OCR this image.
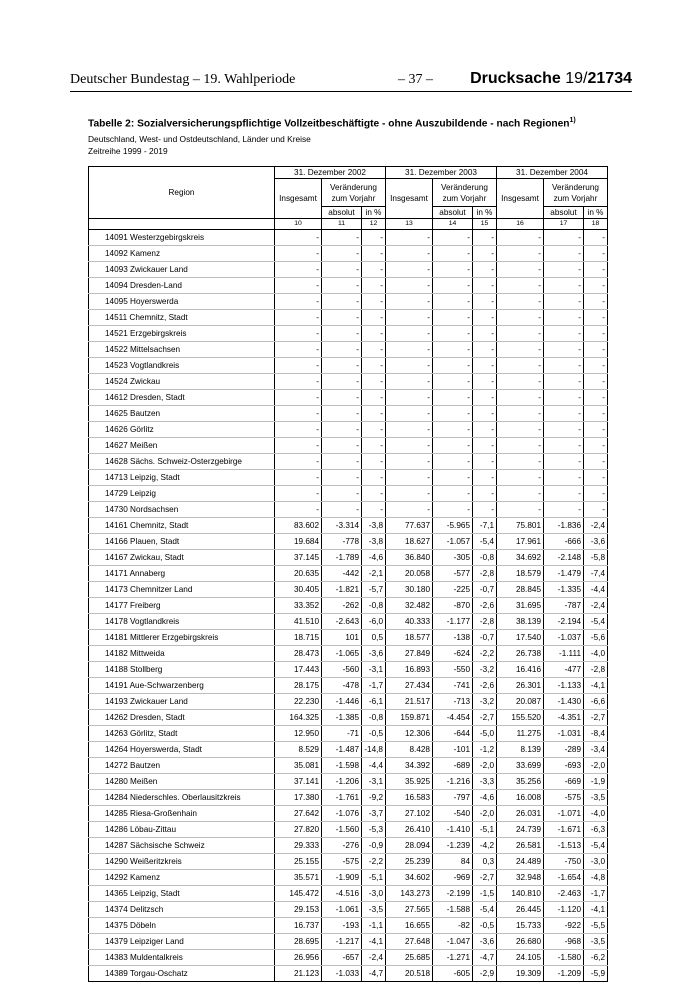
Deutscher Bundestag – 19. Wahlperiode	– 37 – Drucksache 19/21734
Tabelle 2: Sozialversicherungspflichtige Vollzeitbeschäftigte - ohne Auszubildende - nach Regionen$^{1)}$
Deutschland, West- und Ostdeutschland, Länder und Kreise
Zeitreihe 1999 - 2019
Region	31. Dezember 2002			31. Dezember 2003			31. Dezember 2004		
	Insgesamt	Veränderung zum Vorjahr		Insgesamt	Veränderung zum Vorjahr		Insgesamt	Veränderung zum Vorjahr	
		absolut	in %		absolut	in %		absolut	in %
	10	11	12	13	14	15	16	17	18
14091 Westerzgebirgskreis	-	-	-	-	-	-	-	-	-
14092 Kamenz	-	-	-	-	-	-	-	-	-
14093 Zwickauer Land	-	-	-	-	-	-	-	-	-
14094 Dresden-Land	-	-	-	-	-	-	-	-	-
14095 Hoyerswerda	-	-	-	-	-	-	-	-	-
14511 Chemnitz, Stadt	-	-	-	-	-	-	-	-	-
14521 Erzgebirgskreis	-	-	-	-	-	-	-	-	-
14522 Mittelsachsen	-	-	-	-	-	-	-	-	-
14523 Vogtlandkreis	-	-	-	-	-	-	-	-	-
14524 Zwickau	-	-	-	-	-	-	-	-	-
14612 Dresden, Stadt	-	-	-	-	-	-	-	-	-
14625 Bautzen	-	-	-	-	-	-	-	-	-
14626 Görlitz	-	-	-	-	-	-	-	-	-
14627 Meißen	-	-	-	-	-	-	-	-	-
14628 Sächs. Schweiz-Osterzgebirge	-	-	-	-	-	-	-	-	-
14713 Leipzig, Stadt	-	-	-	-	-	-	-	-	-
14729 Leipzig	-	-	-	-	-	-	-	-	-
14730 Nordsachsen	-	-	-	-	-	-	-	-	-
14161 Chemnitz, Stadt	83.602	-3.314	-3,8	77.637	-5.965	-7,1	75.801	-1.836	-2,4
14166 Plauen, Stadt	19.684	-778	-3,8	18.627	-1.057	-5,4	17.961	-666	-3,6
14167 Zwickau, Stadt	37.145	-1.789	-4,6	36.840	-305	-0,8	34.692	-2.148	-5,8
14171 Annaberg	20.635	-442	-2,1	20.058	-577	-2,8	18.579	-1.479	-7,4
14173 Chemnitzer Land	30.405	-1.821	-5,7	30.180	-225	-0,7	28.845	-1.335	-4,4
14177 Freiberg	33.352	-262	-0,8	32.482	-870	-2,6	31.695	-787	-2,4
14178 Vogtlandkreis	41.510	-2.643	-6,0	40.333	-1.177	-2,8	38.139	-2.194	-5,4
14181 Mittlerer Erzgebirgskreis	18.715	101	0,5	18.577	-138	-0,7	17.540	-1.037	-5,6
14182 Mittweida	28.473	-1.065	-3,6	27.849	-624	-2,2	26.738	-1.111	-4,0
14188 Stollberg	17.443	-560	-3,1	16.893	-550	-3,2	16.416	-477	-2,8
14191 Aue-Schwarzenberg	28.175	-478	-1,7	27.434	-741	-2,6	26.301	-1.133	-4,1
14193 Zwickauer Land	22.230	-1.446	-6,1	21.517	-713	-3,2	20.087	-1.430	-6,6
14262 Dresden, Stadt	164.325	-1.385	-0,8	159.871	-4.454	-2,7	155.520	-4.351	-2,7
14263 Görlitz, Stadt	12.950	-71	-0,5	12.306	-644	-5,0	11.275	-1.031	-8,4
14264 Hoyerswerda, Stadt	8.529	-1.487	-14,8	8.428	-101	-1,2	8.139	-289	-3,4
14272 Bautzen	35.081	-1.598	-4,4	34.392	-689	-2,0	33.699	-693	-2,0
14280 Meißen	37.141	-1.206	-3,1	35.925	-1.216	-3,3	35.256	-669	-1,9
14284 Niederschles. Oberlausitzkreis	17.380	-1.761	-9,2	16.583	-797	-4,6	16.008	-575	-3,5
14285 Riesa-Großenhain	27.642	-1.076	-3,7	27.102	-540	-2,0	26.031	-1.071	-4,0
14286 Löbau-Zittau	27.820	-1.560	-5,3	26.410	-1.410	-5,1	24.739	-1.671	-6,3
14287 Sächsische Schweiz	29.333	-276	-0,9	28.094	-1.239	-4,2	26.581	-1.513	-5,4
14290 Weißeritzkreis	25.155	-575	-2,2	25.239	84	0,3	24.489	-750	-3,0
14292 Kamenz	35.571	-1.909	-5,1	34.602	-969	-2,7	32.948	-1.654	-4,8
14365 Leipzig, Stadt	145.472	-4.516	-3,0	143.273	-2.199	-1,5	140.810	-2.463	-1,7
14374 Delitzsch	29.153	-1.061	-3,5	27.565	-1.588	-5,4	26.445	-1.120	-4,1
14375 Döbeln	16.737	-193	-1,1	16.655	-82	-0,5	15.733	-922	-5,5
14379 Leipziger Land	28.695	-1.217	-4,1	27.648	-1.047	-3,6	26.680	-968	-3,5
14383 Muldentalkreis	26.956	-657	-2,4	25.685	-1.271	-4,7	24.105	-1.580	-6,2
14389 Torgau-Oschatz	21.123	-1.033	-4,7	20.518	-605	-2,9	19.309	-1.209	-5,9
